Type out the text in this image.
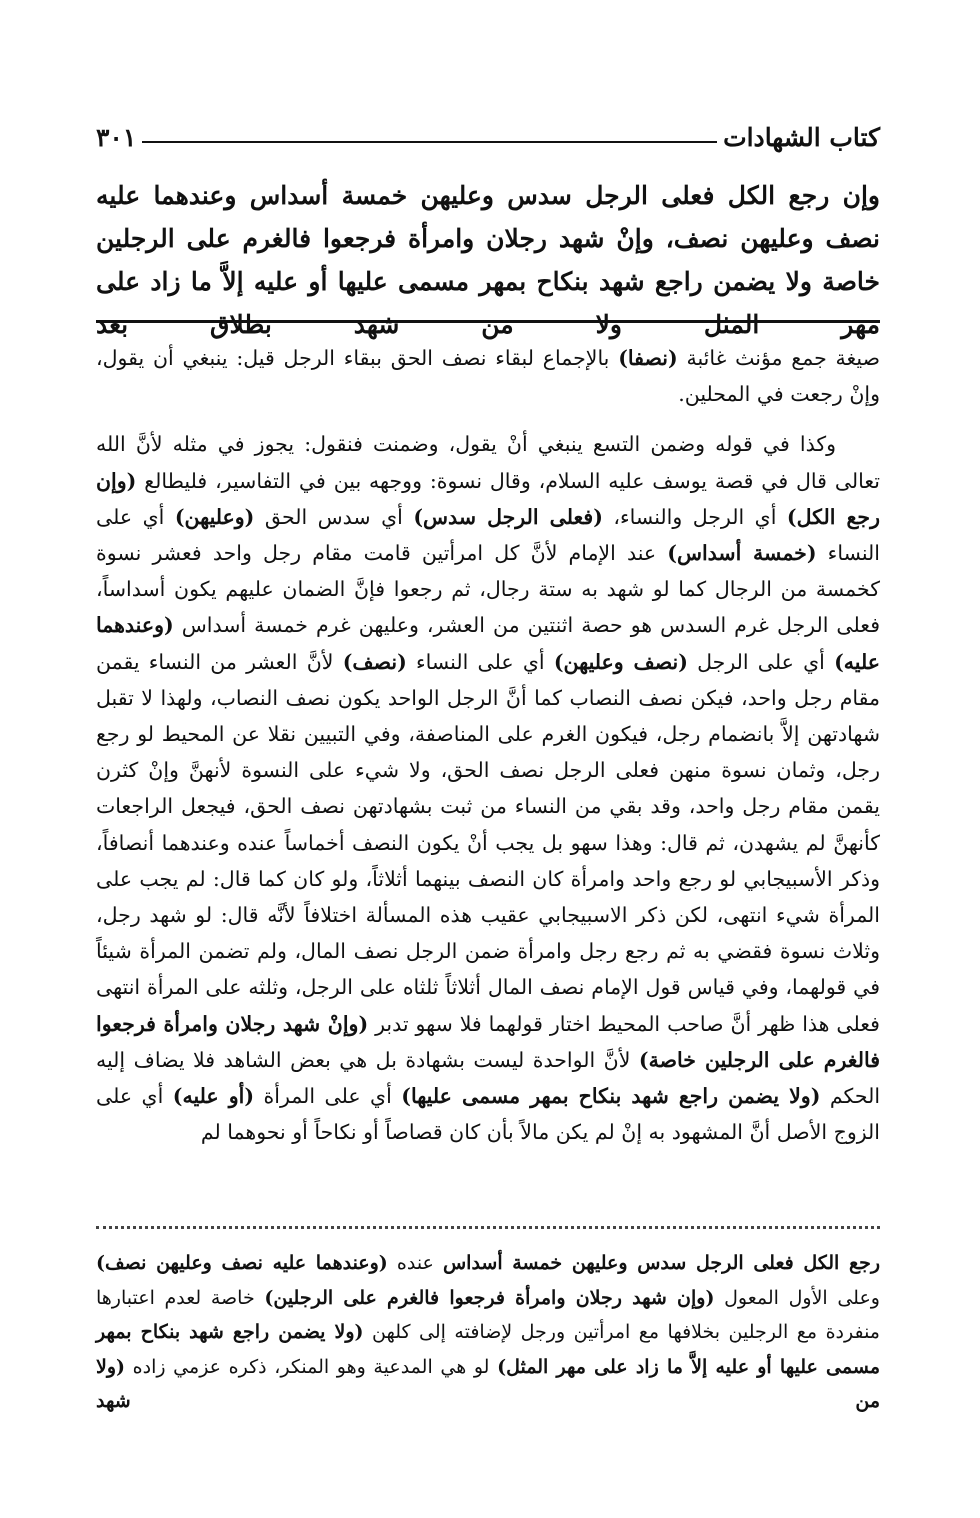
كتاب الشهادات
٣٠١

وإن رجع الكل فعلى الرجل سدس وعليهن خمسة أسداس وعندهما عليه نصف وعليهن نصف، وإنْ شهد رجلان وامرأة فرجعوا فالغرم على الرجلين خاصة ولا يضمن راجع شهد بنكاح بمهر مسمى عليها أو عليه إلاَّ ما زاد على مهر المثل ولا من شهد بطلاق بعد

صيغة جمع مؤنث غائبة (نصفا) بالإجماع لبقاء نصف الحق ببقاء الرجل قيل: ينبغي أن يقول، وإنْ رجعت في المحلين.

وكذا في قوله وضمن التسع ينبغي أنْ يقول، وضمنت فنقول: يجوز في مثله لأنَّ الله تعالى قال في قصة يوسف عليه السلام، وقال نسوة: ووجهه بين في التفاسير، فليطالع (وإن رجع الكل) أي الرجل والنساء، (فعلى الرجل سدس) أي سدس الحق (وعليهن) أي على النساء (خمسة أسداس) عند الإمام لأنَّ كل امرأتين قامت مقام رجل واحد فعشر نسوة كخمسة من الرجال كما لو شهد به ستة رجال، ثم رجعوا فإنَّ الضمان عليهم يكون أسداساً، فعلى الرجل غرم السدس هو حصة اثنتين من العشر، وعليهن غرم خمسة أسداس (وعندهما عليه) أي على الرجل (نصف وعليهن) أي على النساء (نصف) لأنَّ العشر من النساء يقمن مقام رجل واحد، فيكن نصف النصاب كما أنَّ الرجل الواحد يكون نصف النصاب، ولهذا لا تقبل شهادتهن إلاَّ بانضمام رجل، فيكون الغرم على المناصفة، وفي التبيين نقلا عن المحيط لو رجع رجل، وثمان نسوة منهن فعلى الرجل نصف الحق، ولا شيء على النسوة لأنهنَّ وإنْ كثرن يقمن مقام رجل واحد، وقد بقي من النساء من ثبت بشهادتهن نصف الحق، فيجعل الراجعات كأنهنَّ لم يشهدن، ثم قال: وهذا سهو بل يجب أنْ يكون النصف أخماساً عنده وعندهما أنصافاً، وذكر الأسبيجابي لو رجع واحد وامرأة كان النصف بينهما أثلاثاً، ولو كان كما قال: لم يجب على المرأة شيء انتهى، لكن ذكر الاسبيجابي عقيب هذه المسألة اختلافاً لأنَّه قال: لو شهد رجل، وثلاث نسوة فقضي به ثم رجع رجل وامرأة ضمن الرجل نصف المال، ولم تضمن المرأة شيئاً في قولهما، وفي قياس قول الإمام نصف المال أثلاثاً ثلثاه على الرجل، وثلثه على المرأة انتهى فعلى هذا ظهر أنَّ صاحب المحيط اختار قولهما فلا سهو تدبر (وإنْ شهد رجلان وامرأة فرجعوا فالغرم على الرجلين خاصة) لأنَّ الواحدة ليست بشهادة بل هي بعض الشاهد فلا يضاف إليه الحكم (ولا يضمن راجع شهد بنكاح بمهر مسمى عليها) أي على المرأة (أو عليه) أي على الزوج الأصل أنَّ المشهود به إنْ لم يكن مالاً بأن كان قصاصاً أو نكاحاً أو نحوهما لم

رجع الكل فعلى الرجل سدس وعليهن خمسة أسداس عنده (وعندهما عليه نصف وعليهن نصف) وعلى الأول المعول (وإن شهد رجلان وامرأة فرجعوا فالغرم على الرجلين) خاصة لعدم اعتبارها منفردة مع الرجلين بخلافها مع امرأتين ورجل لإضافته إلى كلهن (ولا يضمن راجع شهد بنكاح بمهر مسمى عليها أو عليه إلاَّ ما زاد على مهر المثل) لو هي المدعية وهو المنكر، ذكره عزمي زاده (ولا من شهد
